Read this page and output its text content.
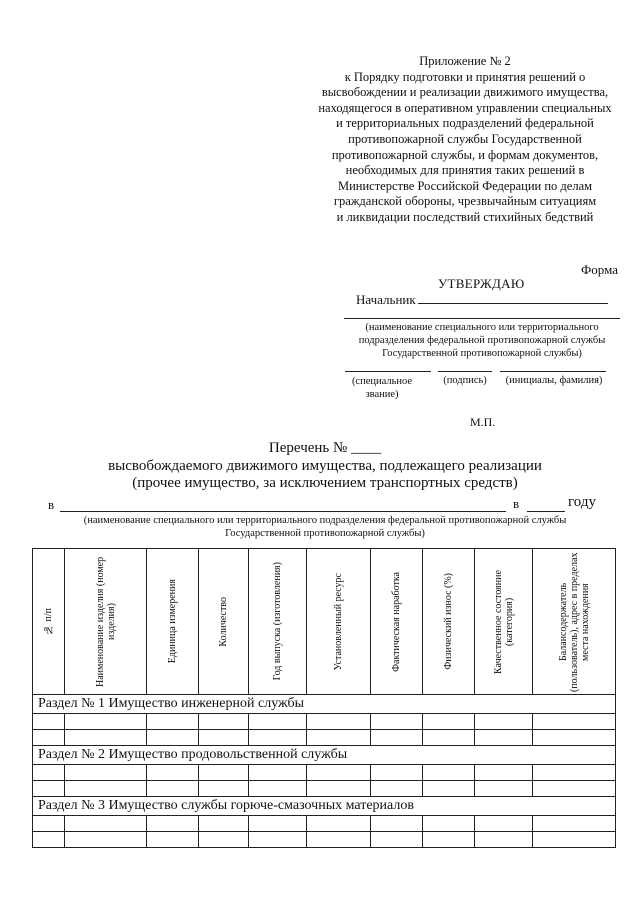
Приложение № 2
к Порядку подготовки и принятия решений о
высвобождении и реализации движимого имущества,
находящегося в оперативном управлении специальных
и территориальных подразделений федеральной
противопожарной службы Государственной
противопожарной службы, и формам документов,
необходимых для принятия таких решений в
Министерстве Российской Федерации по делам
гражданской обороны, чрезвычайным ситуациям
и ликвидации последствий стихийных бедствий
Форма
УТВЕРЖДАЮ
Начальник
(наименование специального или территориального
подразделения федеральной противопожарной службы
Государственной противопожарной службы)
(специальное звание)
(подпись)	(инициалы, фамилия)
М.П.
Перечень № ____
высвобождаемого движимого имущества, подлежащего реализации
(прочее имущество, за исключением транспортных средств)
в	в	году
(наименование специального или территориального подразделения федеральной противопожарной службы
Государственной противопожарной службы)
№ п/п	Наименование изделия (номер изделия)	Единица измерения	Количество	Год выпуска (изготовления)	Установленный ресурс	Фактическая наработка	Физический износ (%)	Качественное состояние (категория)	Балансодержатель (пользователь), адрес в пределах места нахождения

Раздел № 1 Имущество инженерной службы									

Раздел № 2 Имущество продовольственной службы									

Раздел № 3 Имущество службы горюче-смазочных материалов									
